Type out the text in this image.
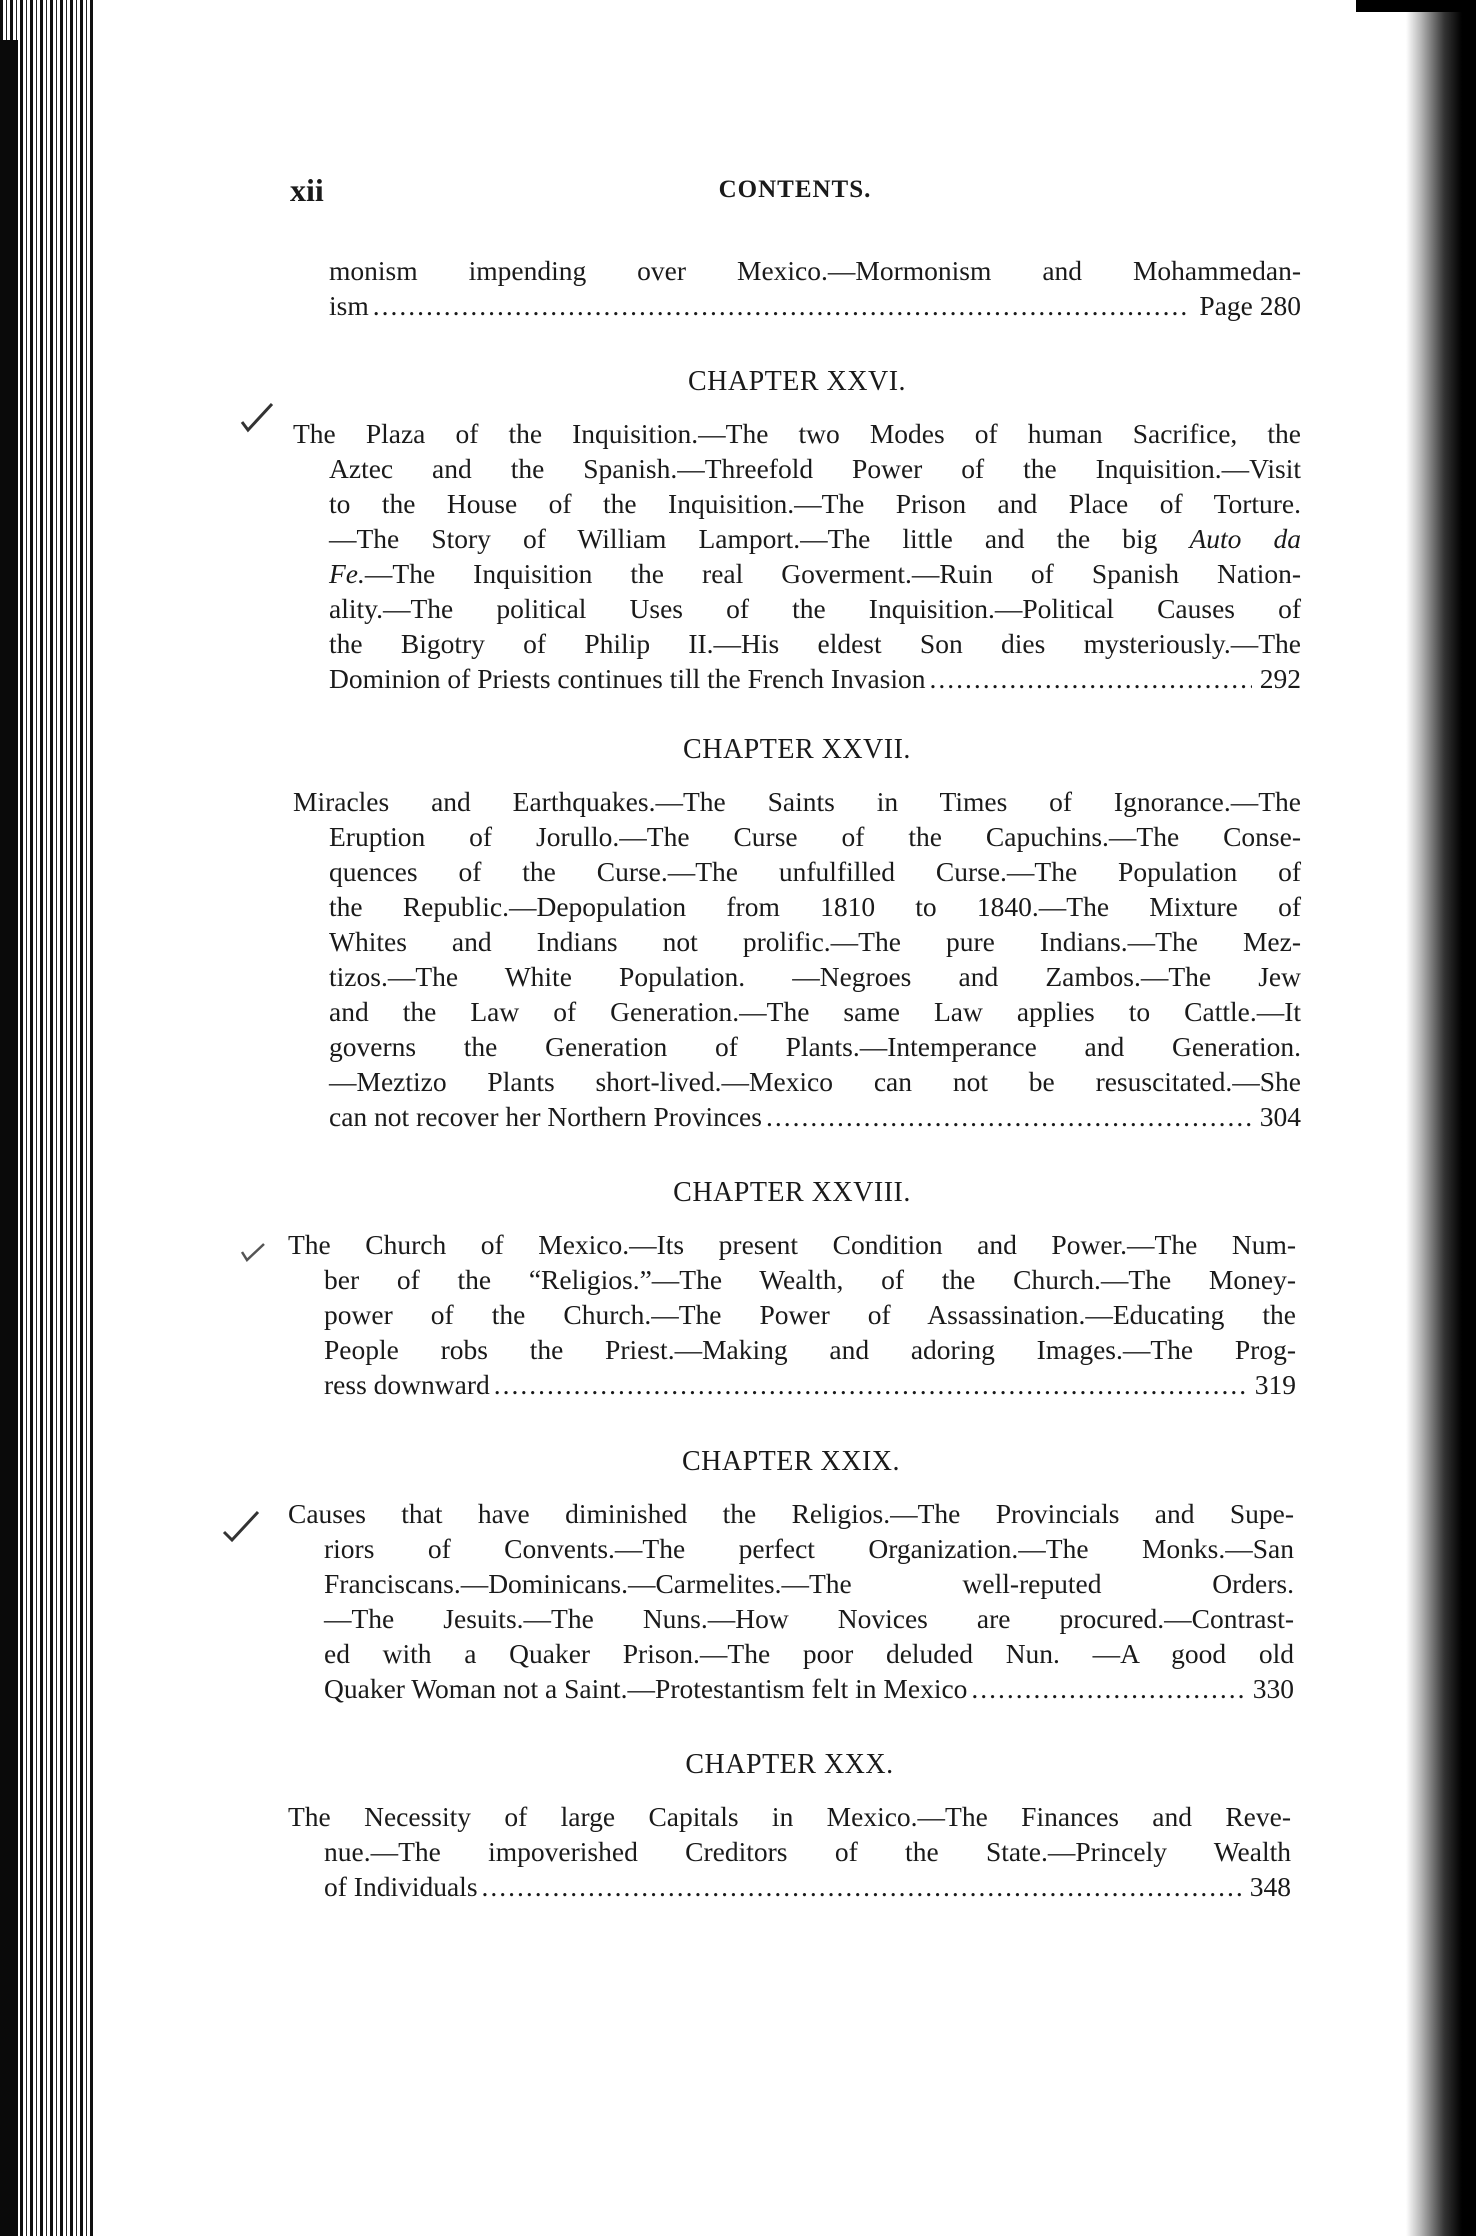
xii	CONTENTS.
monism impending over Mexico.—Mormonism and Mohammedan-
ism .....	Page 280
CHAPTER XXVI.
The Plaza of the Inquisition.—The two Modes of human Sacrifice, the
Aztec and the Spanish.—Threefold Power of the Inquisition.—Visit
to the House of the Inquisition.—The Prison and Place of Torture.
—The Story of William Lamport.—The little and the big Auto da
Fe.—The Inquisition the real Goverment.—Ruin of Spanish Nation-
ality.—The political Uses of the Inquisition.—Political Causes of
the Bigotry of Philip II.—His eldest Son dies mysteriously.—The
Dominion of Priests continues till the French Invasion .....	292
CHAPTER XXVII.
Miracles and Earthquakes.—The Saints in Times of Ignorance.—The
Eruption of Jorullo.—The Curse of the Capuchins.—The Conse-
quences of the Curse.—The unfulfilled Curse.—The Population of
the Republic.—Depopulation from 1810 to 1840.—The Mixture of
Whites and Indians not prolific.—The pure Indians.—The Mez-
tizos.—The White Population. —Negroes and Zambos.—The Jew
and the Law of Generation.—The same Law applies to Cattle.—It
governs the Generation of Plants.—Intemperance and Generation.
—Meztizo Plants short-lived.—Mexico can not be resuscitated.—She
can not recover her Northern Provinces .....	304
CHAPTER XXVIII.
The Church of Mexico.—Its present Condition and Power.—The Num-
ber of the “Religios.”—The Wealth, of the Church.—The Money-
power of the Church.—The Power of Assassination.—Educating the
People robs the Priest.—Making and adoring Images.—The Prog-
ress downward .....	319
CHAPTER XXIX.
Causes that have diminished the Religios.—The Provincials and Supe-
riors of Convents.—The perfect Organization.—The Monks.—San
Franciscans.—Dominicans.—Carmelites.—The well-reputed Orders.
—The Jesuits.—The Nuns.—How Novices are procured.—Contrast-
ed with a Quaker Prison.—The poor deluded Nun. —A good old
Quaker Woman not a Saint.—Protestantism felt in Mexico .....	330
CHAPTER XXX.
The Necessity of large Capitals in Mexico.—The Finances and Reve-
nue.—The impoverished Creditors of the State.—Princely Wealth
of Individuals .....	348
